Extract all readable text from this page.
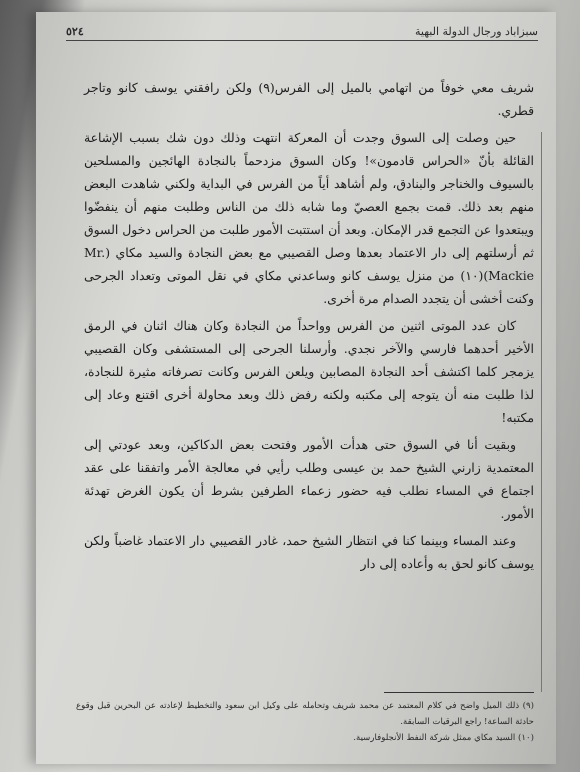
سبزاباد ورجال الدولة البهية
٥٢٤

شريف معي خوفاً من اتهامي بالميل إلى الفرس(٩) ولكن رافقني يوسف كانو وتاجر قطري.

حين وصلت إلى السوق وجدت أن المعركة انتهت وذلك دون شك بسبب الإشاعة القائلة بأنّ «الحراس قادمون»! وكان السوق مزدحماً بالنجادة الهائجين والمسلحين بالسيوف والخناجر والبنادق، ولم أشاهد أياً من الفرس في البداية ولكني شاهدت البعض منهم بعد ذلك. قمت بجمع العصيّ وما شابه ذلك من الناس وطلبت منهم أن ينفضّوا ويبتعدوا عن التجمع قدر الإمكان. وبعد أن استتبت الأمور طلبت من الحراس دخول السوق ثم أرسلتهم إلى دار الاعتماد بعدها وصل القصيبي مع بعض النجادة والسيد مكاي (Mr. Mackie)(١٠) من منزل يوسف كانو وساعدني مكاي في نقل الموتى وتعداد الجرحى وكنت أخشى أن يتجدد الصدام مرة أخرى.

كان عدد الموتى اثنين من الفرس وواحداً من النجادة وكان هناك اثنان في الرمق الأخير أحدهما فارسي والآخر نجدي. وأرسلنا الجرحى إلى المستشفى وكان القصيبي يزمجر كلما اكتشف أحد النجادة المصابين ويلعن الفرس وكانت تصرفاته مثيرة للنجادة، لذا طلبت منه أن يتوجه إلى مكتبه ولكنه رفض ذلك وبعد محاولة أخرى اقتنع وعاد إلى مكتبه!

وبقيت أنا في السوق حتى هدأت الأمور وفتحت بعض الدكاكين، وبعد عودتي إلى المعتمدية زارني الشيخ حمد بن عيسى وطلب رأيي في معالجة الأمر واتفقنا على عقد اجتماع في المساء نطلب فيه حضور زعماء الطرفين بشرط أن يكون الغرض تهدئة الأمور.

وعند المساء وبينما كنا في انتظار الشيخ حمد، غادر القصيبي دار الاعتماد غاضباً ولكن يوسف كانو لحق به وأعاده إلى دار

(٩) ذلك الميل واضح في كلام المعتمد عن محمد شريف وتحامله على وكيل ابن سعود والتخطيط لإعادته عن البحرين قبل وقوع حادثة الساعة! راجع البرقيات السابقة.

(١٠) السيد مكاي ممثل شركة النفط الأنجلوفارسية.
